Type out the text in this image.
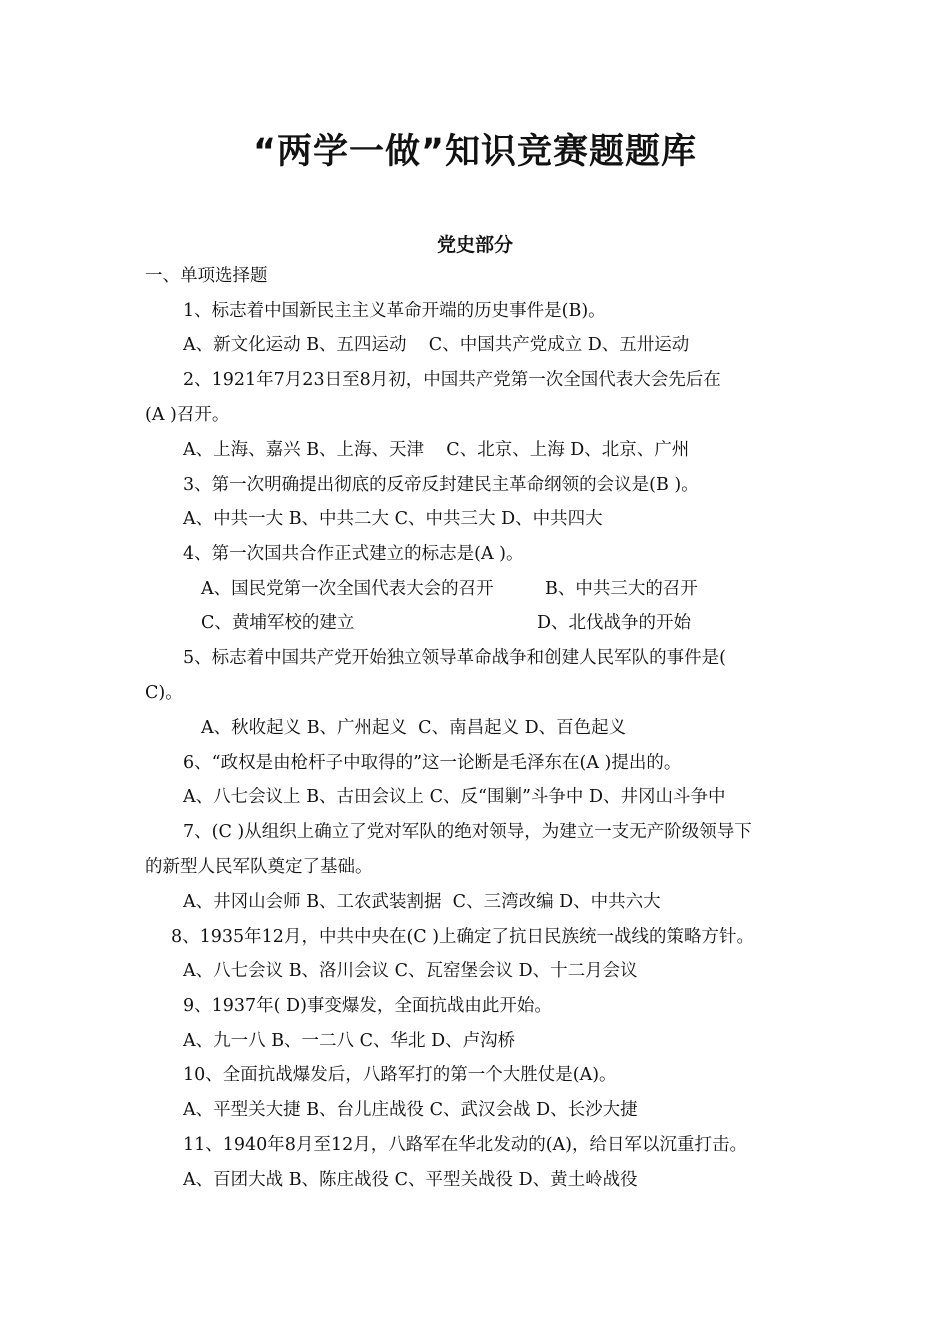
“两学一做”知识竞赛题题库
党史部分
一、单项选择题
1、标志着中国新民主主义革命开端的历史事件是(B)。
A、新文化运动 B、五四运动    C、中国共产党成立 D、五卅运动
2、1921年7月23日至8月初，中国共产党第一次全国代表大会先后在
(A )召开。
A、上海、嘉兴 B、上海、天津    C、北京、上海 D、北京、广州
3、第一次明确提出彻底的反帝反封建民主革命纲领的会议是(B )。
A、中共一大 B、中共二大 C、中共三大 D、中共四大
4、第一次国共合作正式建立的标志是(A )。
A、国民党第一次全国代表大会的召开	B、中共三大的召开
C、黄埔军校的建立	D、北伐战争的开始
5、标志着中国共产党开始独立领导革命战争和创建人民军队的事件是(
C)。
A、秋收起义 B、广州起义  C、南昌起义 D、百色起义
6、“政权是由枪杆子中取得的”这一论断是毛泽东在(A )提出的。
A、八七会议上 B、古田会议上 C、反“围剿”斗争中 D、井冈山斗争中
7、(C )从组织上确立了党对军队的绝对领导，为建立一支无产阶级领导下
的新型人民军队奠定了基础。
A、井冈山会师 B、工农武装割据  C、三湾改编 D、中共六大
8、1935年12月，中共中央在(C )上确定了抗日民族统一战线的策略方针。
A、八七会议 B、洛川会议 C、瓦窑堡会议 D、十二月会议
9、1937年( D)事变爆发，全面抗战由此开始。
A、九一八 B、一二八 C、华北 D、卢沟桥
10、全面抗战爆发后，八路军打的第一个大胜仗是(A)。
A、平型关大捷 B、台儿庄战役 C、武汉会战 D、长沙大捷
11、1940年8月至12月，八路军在华北发动的(A)，给日军以沉重打击。
A、百团大战 B、陈庄战役 C、平型关战役 D、黄土岭战役
